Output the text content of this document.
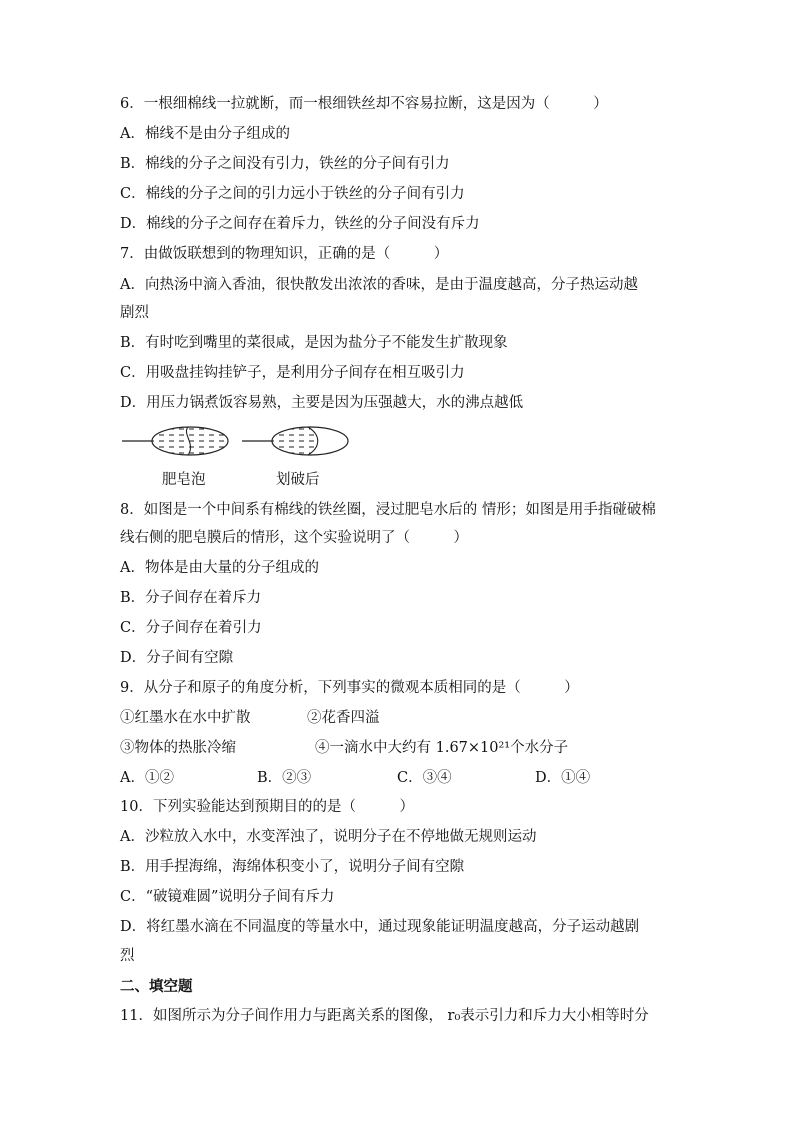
6．一根细棉线一拉就断，而一根细铁丝却不容易拉断，这是因为（　　　）
A．棉线不是由分子组成的
B．棉线的分子之间没有引力，铁丝的分子间有引力
C．棉线的分子之间的引力远小于铁丝的分子间有引力
D．棉线的分子之间存在着斥力，铁丝的分子间没有斥力
7．由做饭联想到的物理知识，正确的是（　　　）
A．向热汤中滴入香油，很快散发出浓浓的香味，是由于温度越高，分子热运动越
剧烈
B．有时吃到嘴里的菜很咸，是因为盐分子不能发生扩散现象
C．用吸盘挂钩挂铲子，是利用分子间存在相互吸引力
D．用压力锅煮饭容易熟，主要是因为压强越大，水的沸点越低
肥皂泡	划破后
8．如图是一个中间系有棉线的铁丝圈，浸过肥皂水后的 情形；如图是用手指碰破棉
线右侧的肥皂膜后的情形，这个实验说明了（　　　）
A．物体是由大量的分子组成的
B．分子间存在着斥力
C．分子间存在着引力
D．分子间有空隙
9．从分子和原子的角度分析，下列事实的微观本质相同的是（　　　）
①红墨水在水中扩散	②花香四溢
③物体的热胀冷缩	④一滴水中大约有 1.67×10²¹个水分子
A．①②	B．②③	C．③④	D．①④
10．下列实验能达到预期目的的是（　　　）
A．沙粒放入水中，水变浑浊了，说明分子在不停地做无规则运动
B．用手捏海绵，海绵体积变小了，说明分子间有空隙
C．“破镜难圆”说明分子间有斥力
D．将红墨水滴在不同温度的等量水中，通过现象能证明温度越高，分子运动越剧
烈
二、填空题
11．如图所示为分子间作用力与距离关系的图像， r₀表示引力和斥力大小相等时分
